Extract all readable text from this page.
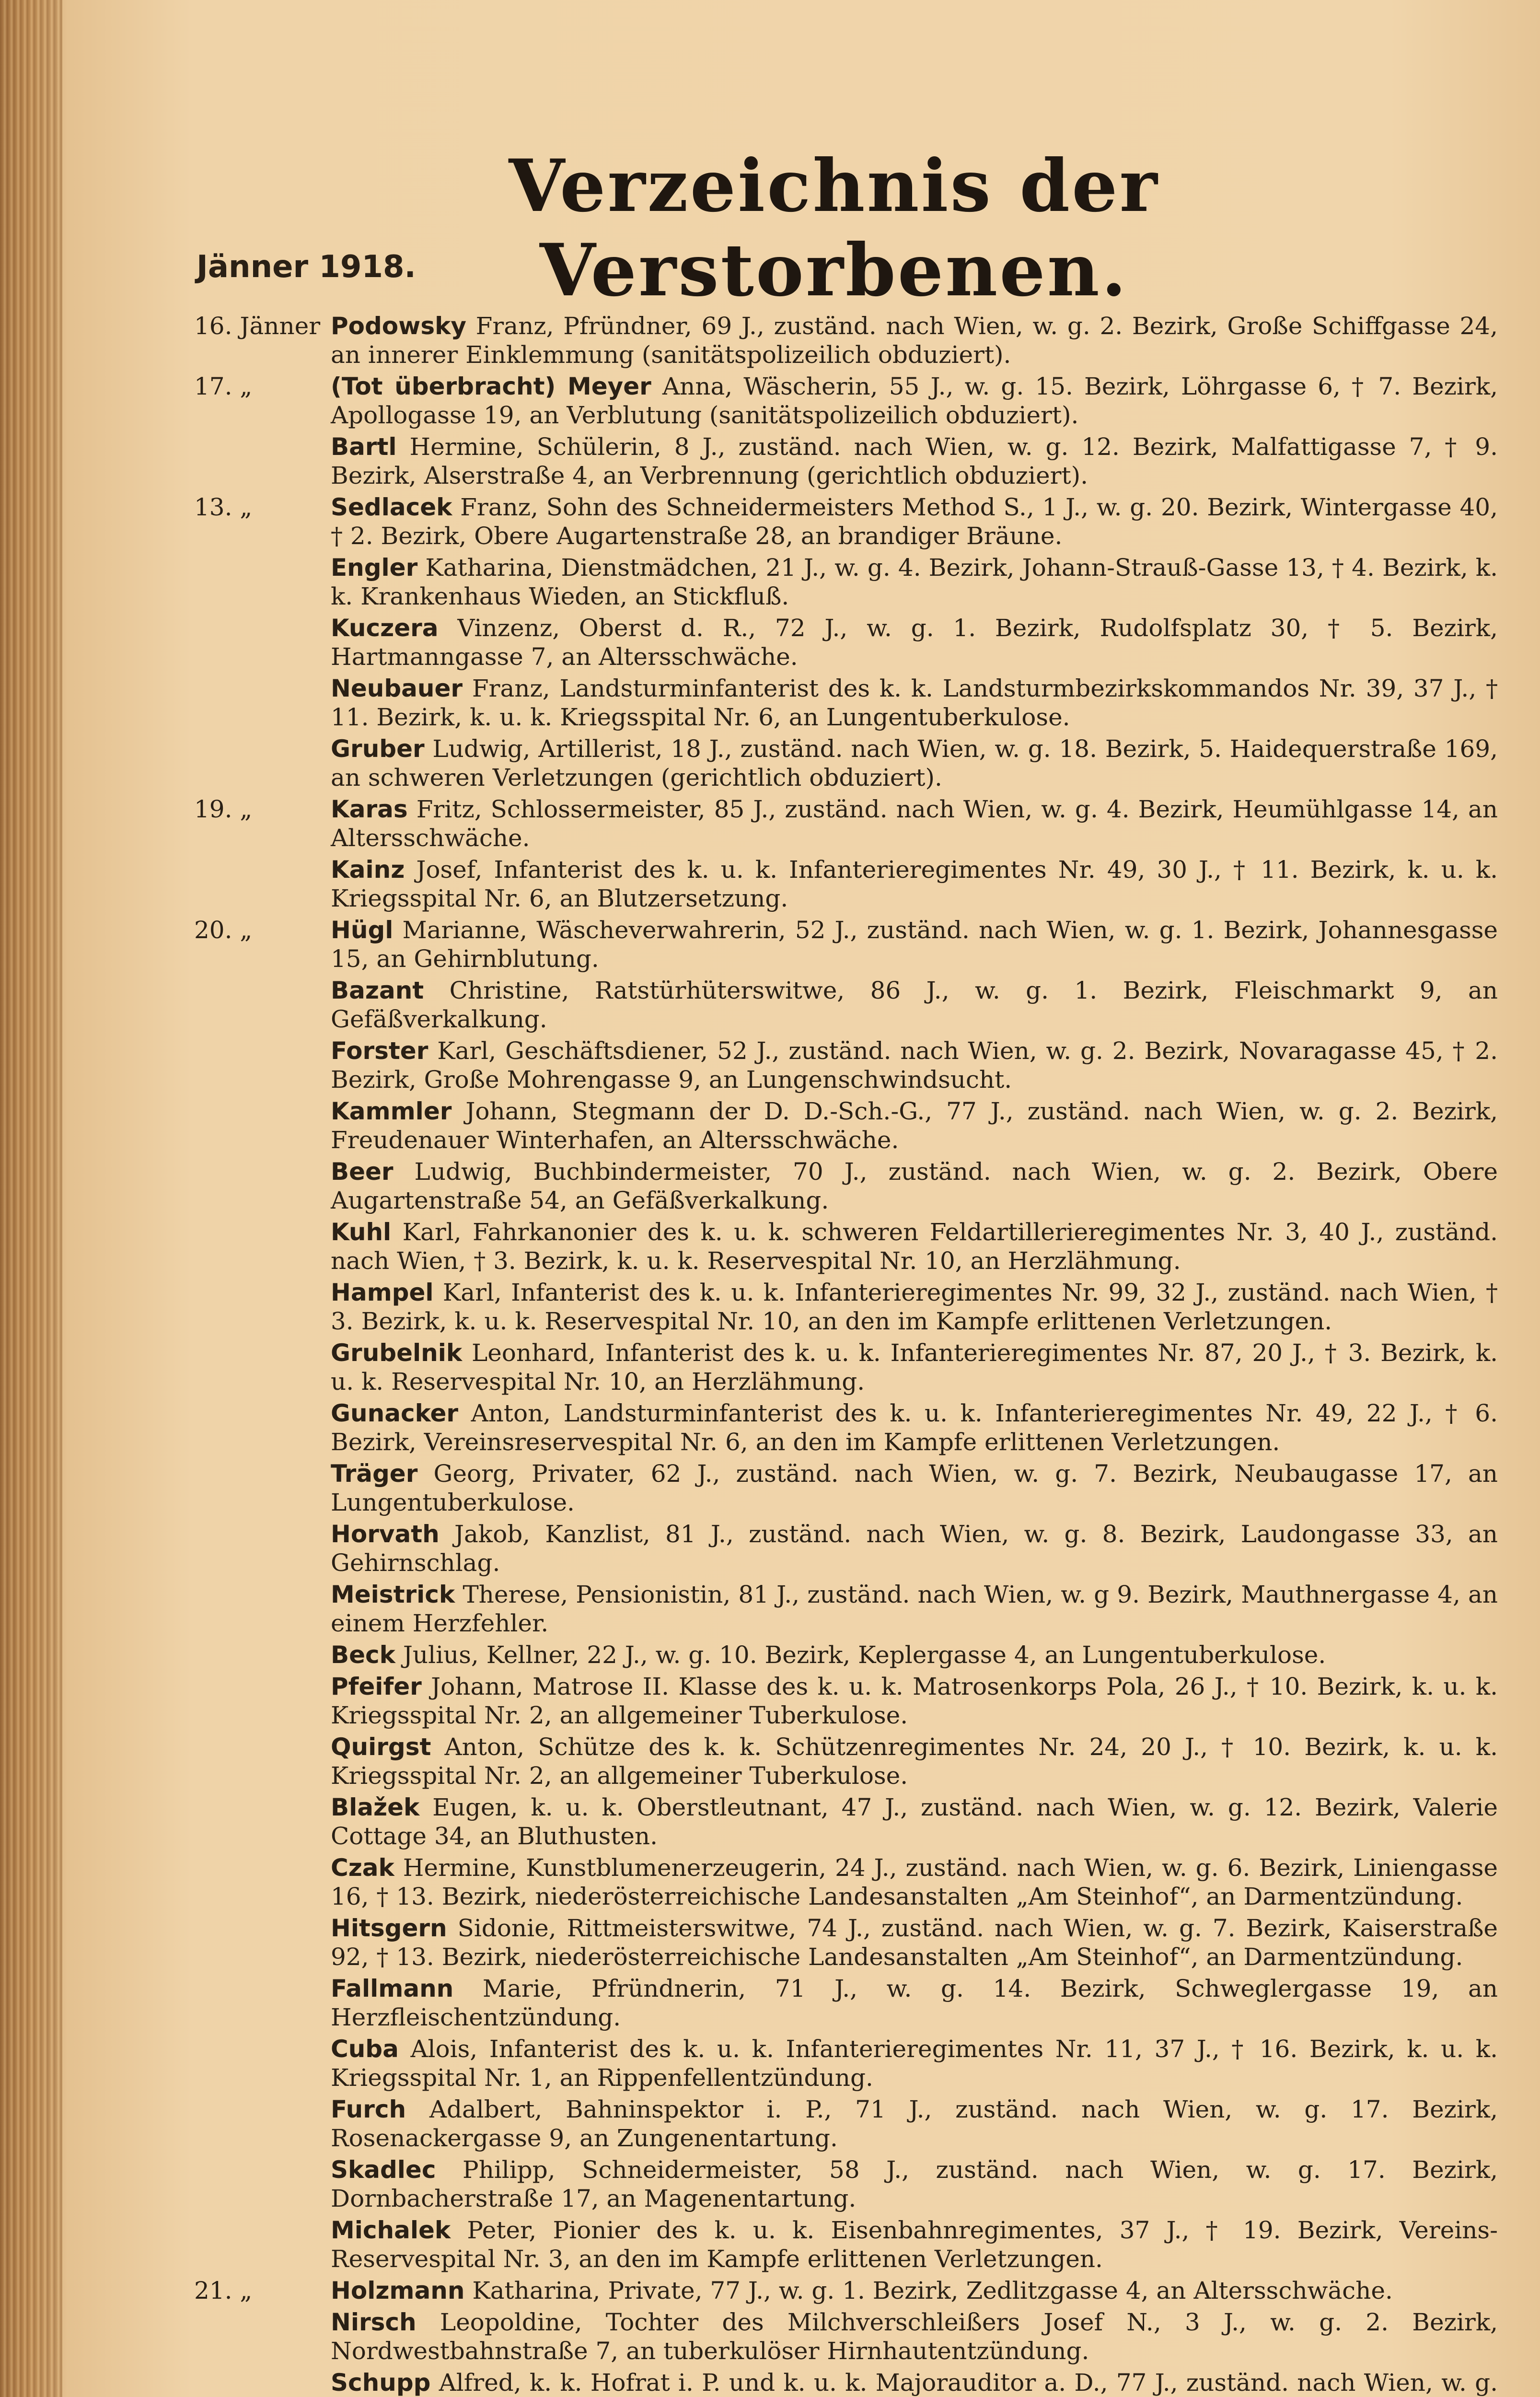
Verzeichnis der Verstorbenen.
Jänner 1918.
16. Jänner Podowsky Franz, Pfründner, 69 J., zuständ. nach Wien, w. g. 2. Bezirk, Große Schiffgasse 24, an innerer Einklemmung (sanitätspolizeilich obduziert).
17. „	(Tot überbracht) Meyer Anna, Wäscherin, 55 J., w. g. 15. Bezirk, Löhrgasse 6, † 7. Bezirk, Apollogasse 19, an Verblutung (sanitätspolizeilich obduziert).
Bartl Hermine, Schülerin, 8 J., zuständ. nach Wien, w. g. 12. Bezirk, Malfattigasse 7, † 9. Bezirk, Alserstraße 4, an Verbrennung (gerichtlich obduziert).
13. „	Sedlacek Franz, Sohn des Schneidermeisters Method S., 1 J., w. g. 20. Bezirk, Wintergasse 40, † 2. Bezirk, Obere Augartenstraße 28, an brandiger Bräune.
Engler Katharina, Dienstmädchen, 21 J., w. g. 4. Bezirk, Johann-Strauß-Gasse 13, † 4. Bezirk, k. k. Krankenhaus Wieden, an Stickfluß.
Kuczera Vinzenz, Oberst d. R., 72 J., w. g. 1. Bezirk, Rudolfsplatz 30, † 5. Bezirk, Hartmanngasse 7, an Altersschwäche.
Neubauer Franz, Landsturminfanterist des k. k. Landsturmbezirkskommandos Nr. 39, 37 J., † 11. Bezirk, k. u. k. Kriegsspital Nr. 6, an Lungentuberkulose.
Gruber Ludwig, Artillerist, 18 J., zuständ. nach Wien, w. g. 18. Bezirk, 5. Haidequerstraße 169, an schweren Verletzungen (gerichtlich obduziert).
19. „	Karas Fritz, Schlossermeister, 85 J., zuständ. nach Wien, w. g. 4. Bezirk, Heumühlgasse 14, an Altersschwäche.
Kainz Josef, Infanterist des k. u. k. Infanterieregimentes Nr. 49, 30 J., † 11. Bezirk, k. u. k. Kriegsspital Nr. 6, an Blutzersetzung.
20. „	Hügl Marianne, Wäscheverwahrerin, 52 J., zuständ. nach Wien, w. g. 1. Bezirk, Johannesgasse 15, an Gehirnblutung.
Bazant Christine, Ratstürhüterswitwe, 86 J., w. g. 1. Bezirk, Fleischmarkt 9, an Gefäßverkalkung.
Forster Karl, Geschäftsdiener, 52 J., zuständ. nach Wien, w. g. 2. Bezirk, Novaragasse 45, † 2. Bezirk, Große Mohrengasse 9, an Lungenschwindsucht.
Kammler Johann, Stegmann der D. D.-Sch.-G., 77 J., zuständ. nach Wien, w. g. 2. Bezirk, Freudenauer Winterhafen, an Altersschwäche.
Beer Ludwig, Buchbindermeister, 70 J., zuständ. nach Wien, w. g. 2. Bezirk, Obere Augartenstraße 54, an Gefäßverkalkung.
Kuhl Karl, Fahrkanonier des k. u. k. schweren Feldartillerieregimentes Nr. 3, 40 J., zuständ. nach Wien, † 3. Bezirk, k. u. k. Reservespital Nr. 10, an Herzlähmung.
Hampel Karl, Infanterist des k. u. k. Infanterieregimentes Nr. 99, 32 J., zuständ. nach Wien, † 3. Bezirk, k. u. k. Reservespital Nr. 10, an den im Kampfe erlittenen Verletzungen.
Grubelnik Leonhard, Infanterist des k. u. k. Infanterieregimentes Nr. 87, 20 J., † 3. Bezirk, k. u. k. Reservespital Nr. 10, an Herzlähmung.
Gunacker Anton, Landsturminfanterist des k. u. k. Infanterieregimentes Nr. 49, 22 J., † 6. Bezirk, Vereinsreservespital Nr. 6, an den im Kampfe erlittenen Verletzungen.
Träger Georg, Privater, 62 J., zuständ. nach Wien, w. g. 7. Bezirk, Neubaugasse 17, an Lungentuberkulose.
Horvath Jakob, Kanzlist, 81 J., zuständ. nach Wien, w. g. 8. Bezirk, Laudongasse 33, an Gehirnschlag.
Meistrick Therese, Pensionistin, 81 J., zuständ. nach Wien, w. g 9. Bezirk, Mauthnergasse 4, an einem Herzfehler.
Beck Julius, Kellner, 22 J., w. g. 10. Bezirk, Keplergasse 4, an Lungentuberkulose.
Pfeifer Johann, Matrose II. Klasse des k. u. k. Matrosenkorps Pola, 26 J., † 10. Bezirk, k. u. k. Kriegsspital Nr. 2, an allgemeiner Tuberkulose.
Quirgst Anton, Schütze des k. k. Schützenregimentes Nr. 24, 20 J., † 10. Bezirk, k. u. k. Kriegsspital Nr. 2, an allgemeiner Tuberkulose.
Blažek Eugen, k. u. k. Oberstleutnant, 47 J., zuständ. nach Wien, w. g. 12. Bezirk, Valerie Cottage 34, an Bluthusten.
Czak Hermine, Kunstblumenerzeugerin, 24 J., zuständ. nach Wien, w. g. 6. Bezirk, Liniengasse 16, † 13. Bezirk, niederösterreichische Landesanstalten „Am Steinhof“, an Darmentzündung.
Hitsgern Sidonie, Rittmeisterswitwe, 74 J., zuständ. nach Wien, w. g. 7. Bezirk, Kaiserstraße 92, † 13. Bezirk, niederösterreichische Landesanstalten „Am Steinhof“, an Darmentzündung.
Fallmann Marie, Pfründnerin, 71 J., w. g. 14. Bezirk, Schweglergasse 19, an Herzfleischentzündung.
Cuba Alois, Infanterist des k. u. k. Infanterieregimentes Nr. 11, 37 J., † 16. Bezirk, k. u. k. Kriegsspital Nr. 1, an Rippenfellentzündung.
Furch Adalbert, Bahninspektor i. P., 71 J., zuständ. nach Wien, w. g. 17. Bezirk, Rosenackergasse 9, an Zungenentartung.
Skadlec Philipp, Schneidermeister, 58 J., zuständ. nach Wien, w. g. 17. Bezirk, Dornbacherstraße 17, an Magenentartung.
Michalek Peter, Pionier des k. u. k. Eisenbahnregimentes, 37 J., † 19. Bezirk, Vereins-Reservespital Nr. 3, an den im Kampfe erlittenen Verletzungen.
21. „	Holzmann Katharina, Private, 77 J., w. g. 1. Bezirk, Zedlitzgasse 4, an Altersschwäche.
Nirsch Leopoldine, Tochter des Milchverschleißers Josef N., 3 J., w. g. 2. Bezirk, Nordwestbahnstraße 7, an tuberkulöser Hirnhautentzündung.
Schupp Alfred, k. k. Hofrat i. P. und k. u. k. Majorauditor a. D., 77 J., zuständ. nach Wien, w. g.
